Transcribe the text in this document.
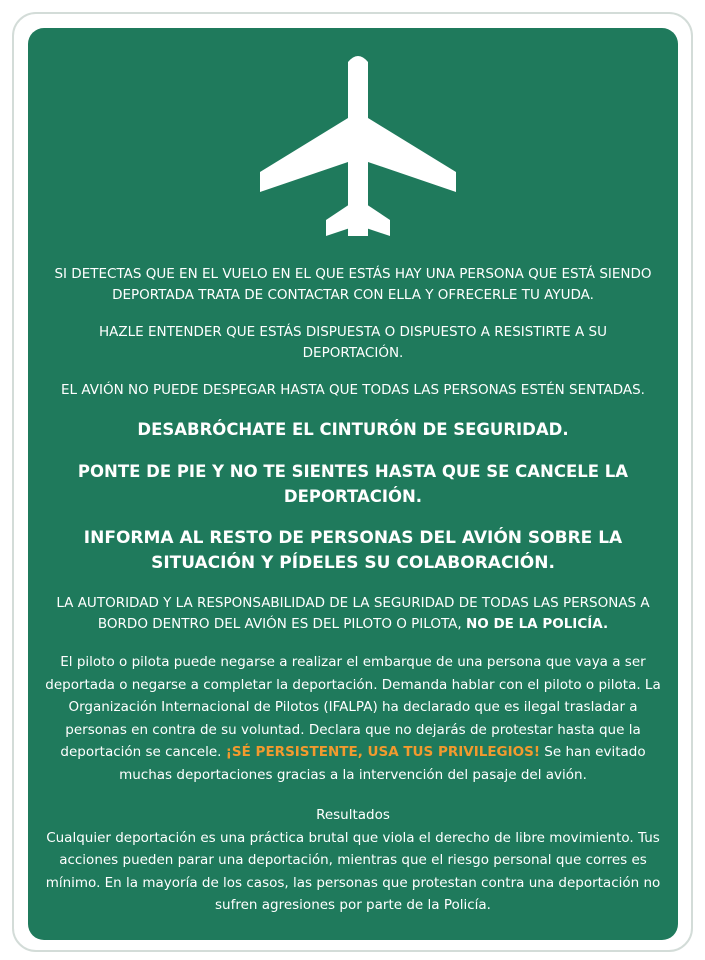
SI DETECTAS QUE EN EL VUELO EN EL QUE ESTÁS HAY UNA PERSONA QUE ESTÁ SIENDO DEPORTADA TRATA DE CONTACTAR CON ELLA Y OFRECERLE TU AYUDA.

HAZLE ENTENDER QUE ESTÁS DISPUESTA O DISPUESTO A RESISTIRTE A SU DEPORTACIÓN.

EL AVIÓN NO PUEDE DESPEGAR HASTA QUE TODAS LAS PERSONAS ESTÉN SENTADAS.

DESABRÓCHATE EL CINTURÓN DE SEGURIDAD.

PONTE DE PIE Y NO TE SIENTES HASTA QUE SE CANCELE LA DEPORTACIÓN.

INFORMA AL RESTO DE PERSONAS DEL AVIÓN SOBRE LA SITUACIÓN Y PÍDELES SU COLABORACIÓN.

LA AUTORIDAD Y LA RESPONSABILIDAD DE LA SEGURIDAD DE TODAS LAS PERSONAS A BORDO DENTRO DEL AVIÓN ES DEL PILOTO O PILOTA, NO DE LA POLICÍA.

El piloto o pilota puede negarse a realizar el embarque de una persona que vaya a ser deportada o negarse a completar la deportación. Demanda hablar con el piloto o pilota. La Organización Internacional de Pilotos (IFALPA) ha declarado que es ilegal trasladar a personas en contra de su voluntad. Declara que no dejarás de protestar hasta que la deportación se cancele. ¡SÉ PERSISTENTE, USA TUS PRIVILEGIOS! Se han evitado muchas deportaciones gracias a la intervención del pasaje del avión.

Resultados
Cualquier deportación es una práctica brutal que viola el derecho de libre movimiento. Tus acciones pueden parar una deportación, mientras que el riesgo personal que corres es mínimo. En la mayoría de los casos, las personas que protestan contra una deportación no sufren agresiones por parte de la Policía.
